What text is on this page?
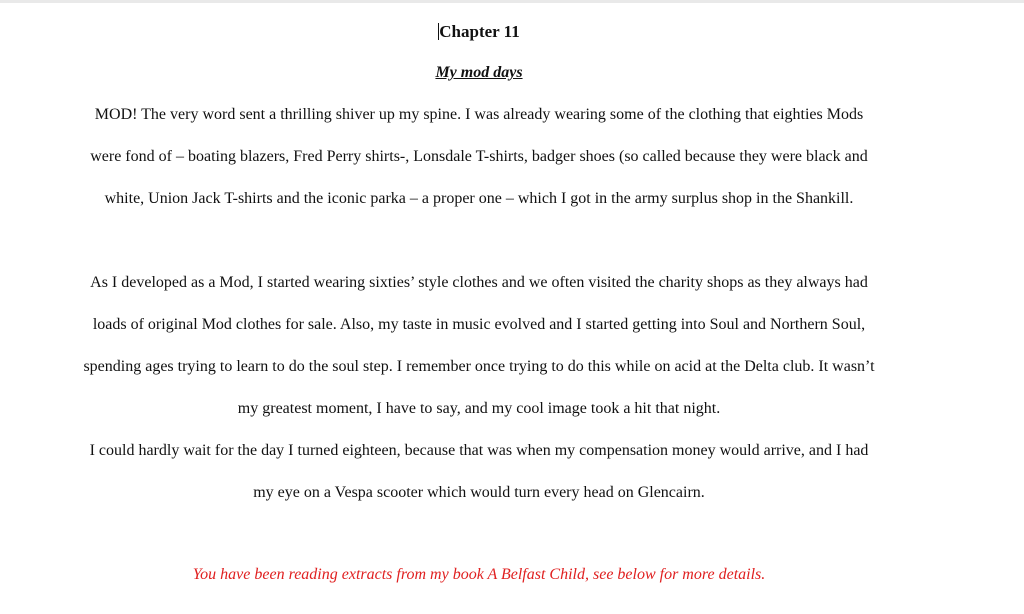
Chapter 11
My mod days
MOD! The very word sent a thrilling shiver up my spine. I was already wearing some of the clothing that eighties Mods
were fond of – boating blazers, Fred Perry shirts-, Lonsdale T-shirts, badger shoes (so called because they were black and
white, Union Jack T-shirts and the iconic parka – a proper one – which I got in the army surplus shop in the Shankill.
As I developed as a Mod, I started wearing sixties’ style clothes and we often visited the charity shops as they always had
loads of original Mod clothes for sale. Also, my taste in music evolved and I started getting into Soul and Northern Soul,
spending ages trying to learn to do the soul step. I remember once trying to do this while on acid at the Delta club. It wasn’t
my greatest moment, I have to say, and my cool image took a hit that night.
I could hardly wait for the day I turned eighteen, because that was when my compensation money would arrive, and I had
my eye on a Vespa scooter which would turn every head on Glencairn.
You have been reading extracts from my book A Belfast Child, see below for more details.
